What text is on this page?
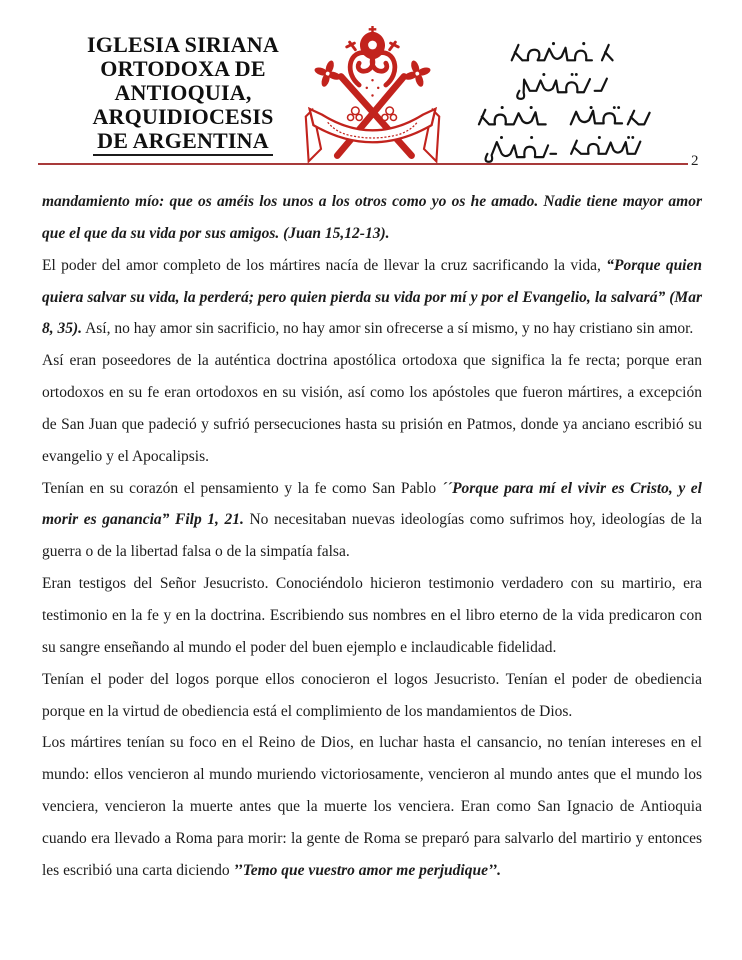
IGLESIA SIRIANA
ORTODOXA DE
ANTIOQUIA,
ARQUIDIOCESIS
DE ARGENTINA
2

mandamiento mío: que os améis los unos a los otros como yo os he amado. Nadie tiene mayor amor que el que da su vida por sus amigos. (Juan 15,12-13).

El poder del amor completo de los mártires nacía de llevar la cruz sacrificando la vida, “Porque quien quiera salvar su vida, la perderá; pero quien pierda su vida por mí y por el Evangelio, la salvará” (Mar 8, 35). Así, no hay amor sin sacrificio, no hay amor sin ofrecerse a sí mismo, y no hay cristiano sin amor.

Así eran poseedores de la auténtica doctrina apostólica ortodoxa que significa la fe recta; porque eran ortodoxos en su fe eran ortodoxos en su visión, así como los apóstoles que fueron mártires, a excepción de San Juan que padeció y sufrió persecuciones hasta su prisión en Patmos, donde ya anciano escribió su evangelio y el Apocalipsis.

Tenían en su corazón el pensamiento y la fe como San Pablo ´´Porque para mí el vivir es Cristo, y el morir es ganancia” Filp 1, 21. No necesitaban nuevas ideologías como sufrimos hoy, ideologías de la guerra o de la libertad falsa o de la simpatía falsa.

Eran testigos del Señor Jesucristo. Conociéndolo hicieron testimonio verdadero con su martirio, era testimonio en la fe y en la doctrina. Escribiendo sus nombres en el libro eterno de la vida predicaron con su sangre enseñando al mundo el poder del buen ejemplo e inclaudicable fidelidad.

Tenían el poder del logos porque ellos conocieron el logos Jesucristo. Tenían el poder de obediencia porque en la virtud de obediencia está el complimiento de los mandamientos de Dios.

Los mártires tenían su foco en el Reino de Dios, en luchar hasta el cansancio, no tenían intereses en el mundo: ellos vencieron al mundo muriendo victoriosamente, vencieron al mundo antes que el mundo los venciera, vencieron la muerte antes que la muerte los venciera. Eran como San Ignacio de Antioquia cuando era llevado a Roma para morir: la gente de Roma se preparó para salvarlo del martirio y entonces les escribió una carta diciendo ’’Temo que vuestro amor me perjudique’’.
